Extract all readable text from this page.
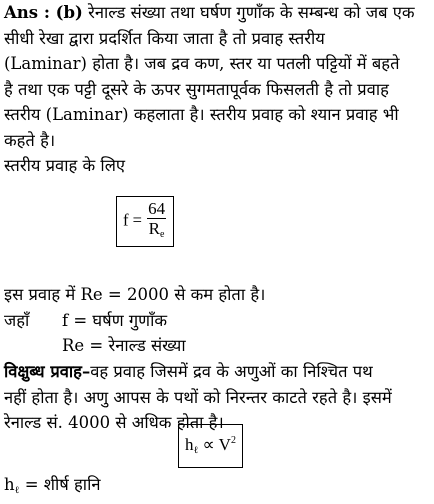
Ans : (b) रेनाल्ड संख्या तथा घर्षण गुणाँक के सम्बन्ध को जब एक
सीधी रेखा द्वारा प्रदर्शित किया जाता है तो प्रवाह स्तरीय
(Laminar) होता है। जब द्रव कण, स्तर या पतली पट्टियों में बहते
है तथा एक पट्टी दूसरे के ऊपर सुगमतापूर्वक फिसलती है तो प्रवाह
स्तरीय (Laminar) कहलाता है। स्तरीय प्रवाह को श्यान प्रवाह भी
कहते है।
स्तरीय प्रवाह के लिए
$f = \frac{64}{R_e}$
इस प्रवाह में Re = 2000 से कम होता है।
जहाँ f = घर्षण गुणाँक
Re = रेनाल्ड संख्या
विक्षुब्ध प्रवाह–वह प्रवाह जिसमें द्रव के अणुओं का निश्चित पथ
नहीं होता है। अणु आपस के पथों को निरन्तर काटते रहते है। इसमें
रेनाल्ड सं. 4000 से अधिक होता है।
$h_\ell \propto V^2$
$h_\ell$ = शीर्ष हानि
